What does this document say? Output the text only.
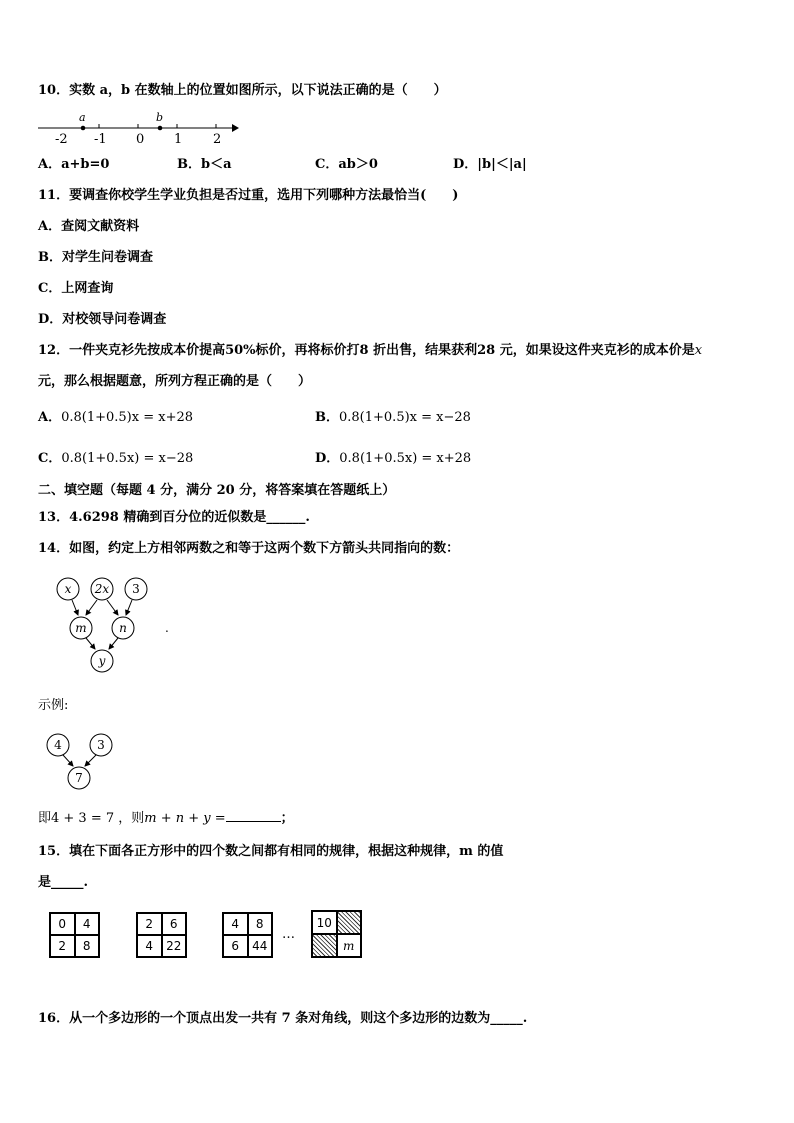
10．实数 a，b 在数轴上的位置如图所示，以下说法正确的是（　　）
a	b
-2 -1 0 1 2
A．a+b=0	B．b＜a	C．ab＞0	D．|b|＜|a|
11．要调查你校学生学业负担是否过重，选用下列哪种方法最恰当(　　)
A．查阅文献资料
B．对学生问卷调查
C．上网查询
D．对校领导问卷调查
12．一件夹克衫先按成本价提高50%标价，再将标价打8 折出售，结果获利28 元，如果设这件夹克衫的成本价是x
元，那么根据题意，所列方程正确的是（　　）
A．0.8(1+0.5)x = x+28	B．0.8(1+0.5)x = x−28
C．0.8(1+0.5x) = x−28	D．0.8(1+0.5x) = x+28
二、填空题（每题 4 分，满分 20 分，将答案填在答题纸上）
13．4.6298 精确到百分位的近似数是______.
14．如图，约定上方相邻两数之和等于这两个数下方箭头共同指向的数：
x 2x 3
m	n
y
.
示例:
4	3
7
即4 + 3 = 7 ，则m + n + y =	；
15．填在下面各正方形中的四个数之间都有相同的规律，根据这种规律，m 的值
是_____.
0	4
2	8
2	6
4	22
4	8
6	44
…
10
m
16．从一个多边形的一个顶点出发一共有 7 条对角线，则这个多边形的边数为_____.
